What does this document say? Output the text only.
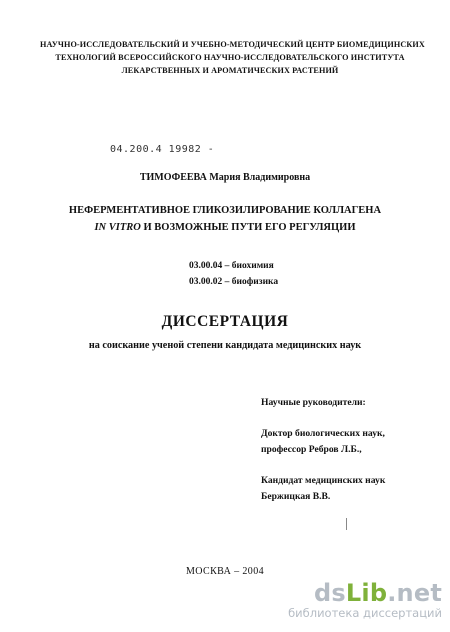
НАУЧНО-ИССЛЕДОВАТЕЛЬСКИЙ И УЧЕБНО-МЕТОДИЧЕСКИЙ ЦЕНТР БИОМЕДИЦИНСКИХ
ТЕХНОЛОГИЙ ВСЕРОССИЙСКОГО НАУЧНО-ИССЛЕДОВАТЕЛЬСКОГО ИНСТИТУТА
ЛЕКАРСТВЕННЫХ И АРОМАТИЧЕСКИХ РАСТЕНИЙ
04.200.4 19982 -
ТИМОФЕЕВА Мария Владимировна
НЕФЕРМЕНТАТИВНОЕ ГЛИКОЗИЛИРОВАНИЕ КОЛЛАГЕНА
IN VITRO И ВОЗМОЖНЫЕ ПУТИ ЕГО РЕГУЛЯЦИИ
03.00.04 – биохимия
03.00.02 – биофизика
ДИССЕРТАЦИЯ
на соискание ученой степени кандидата медицинских наук
Научные руководители:
Доктор биологических наук,
профессор Ребров Л.Б.,
Кандидат медицинских наук
Бержицкая В.В.
МОСКВА – 2004
dsLib.net
библиотека диссертаций
